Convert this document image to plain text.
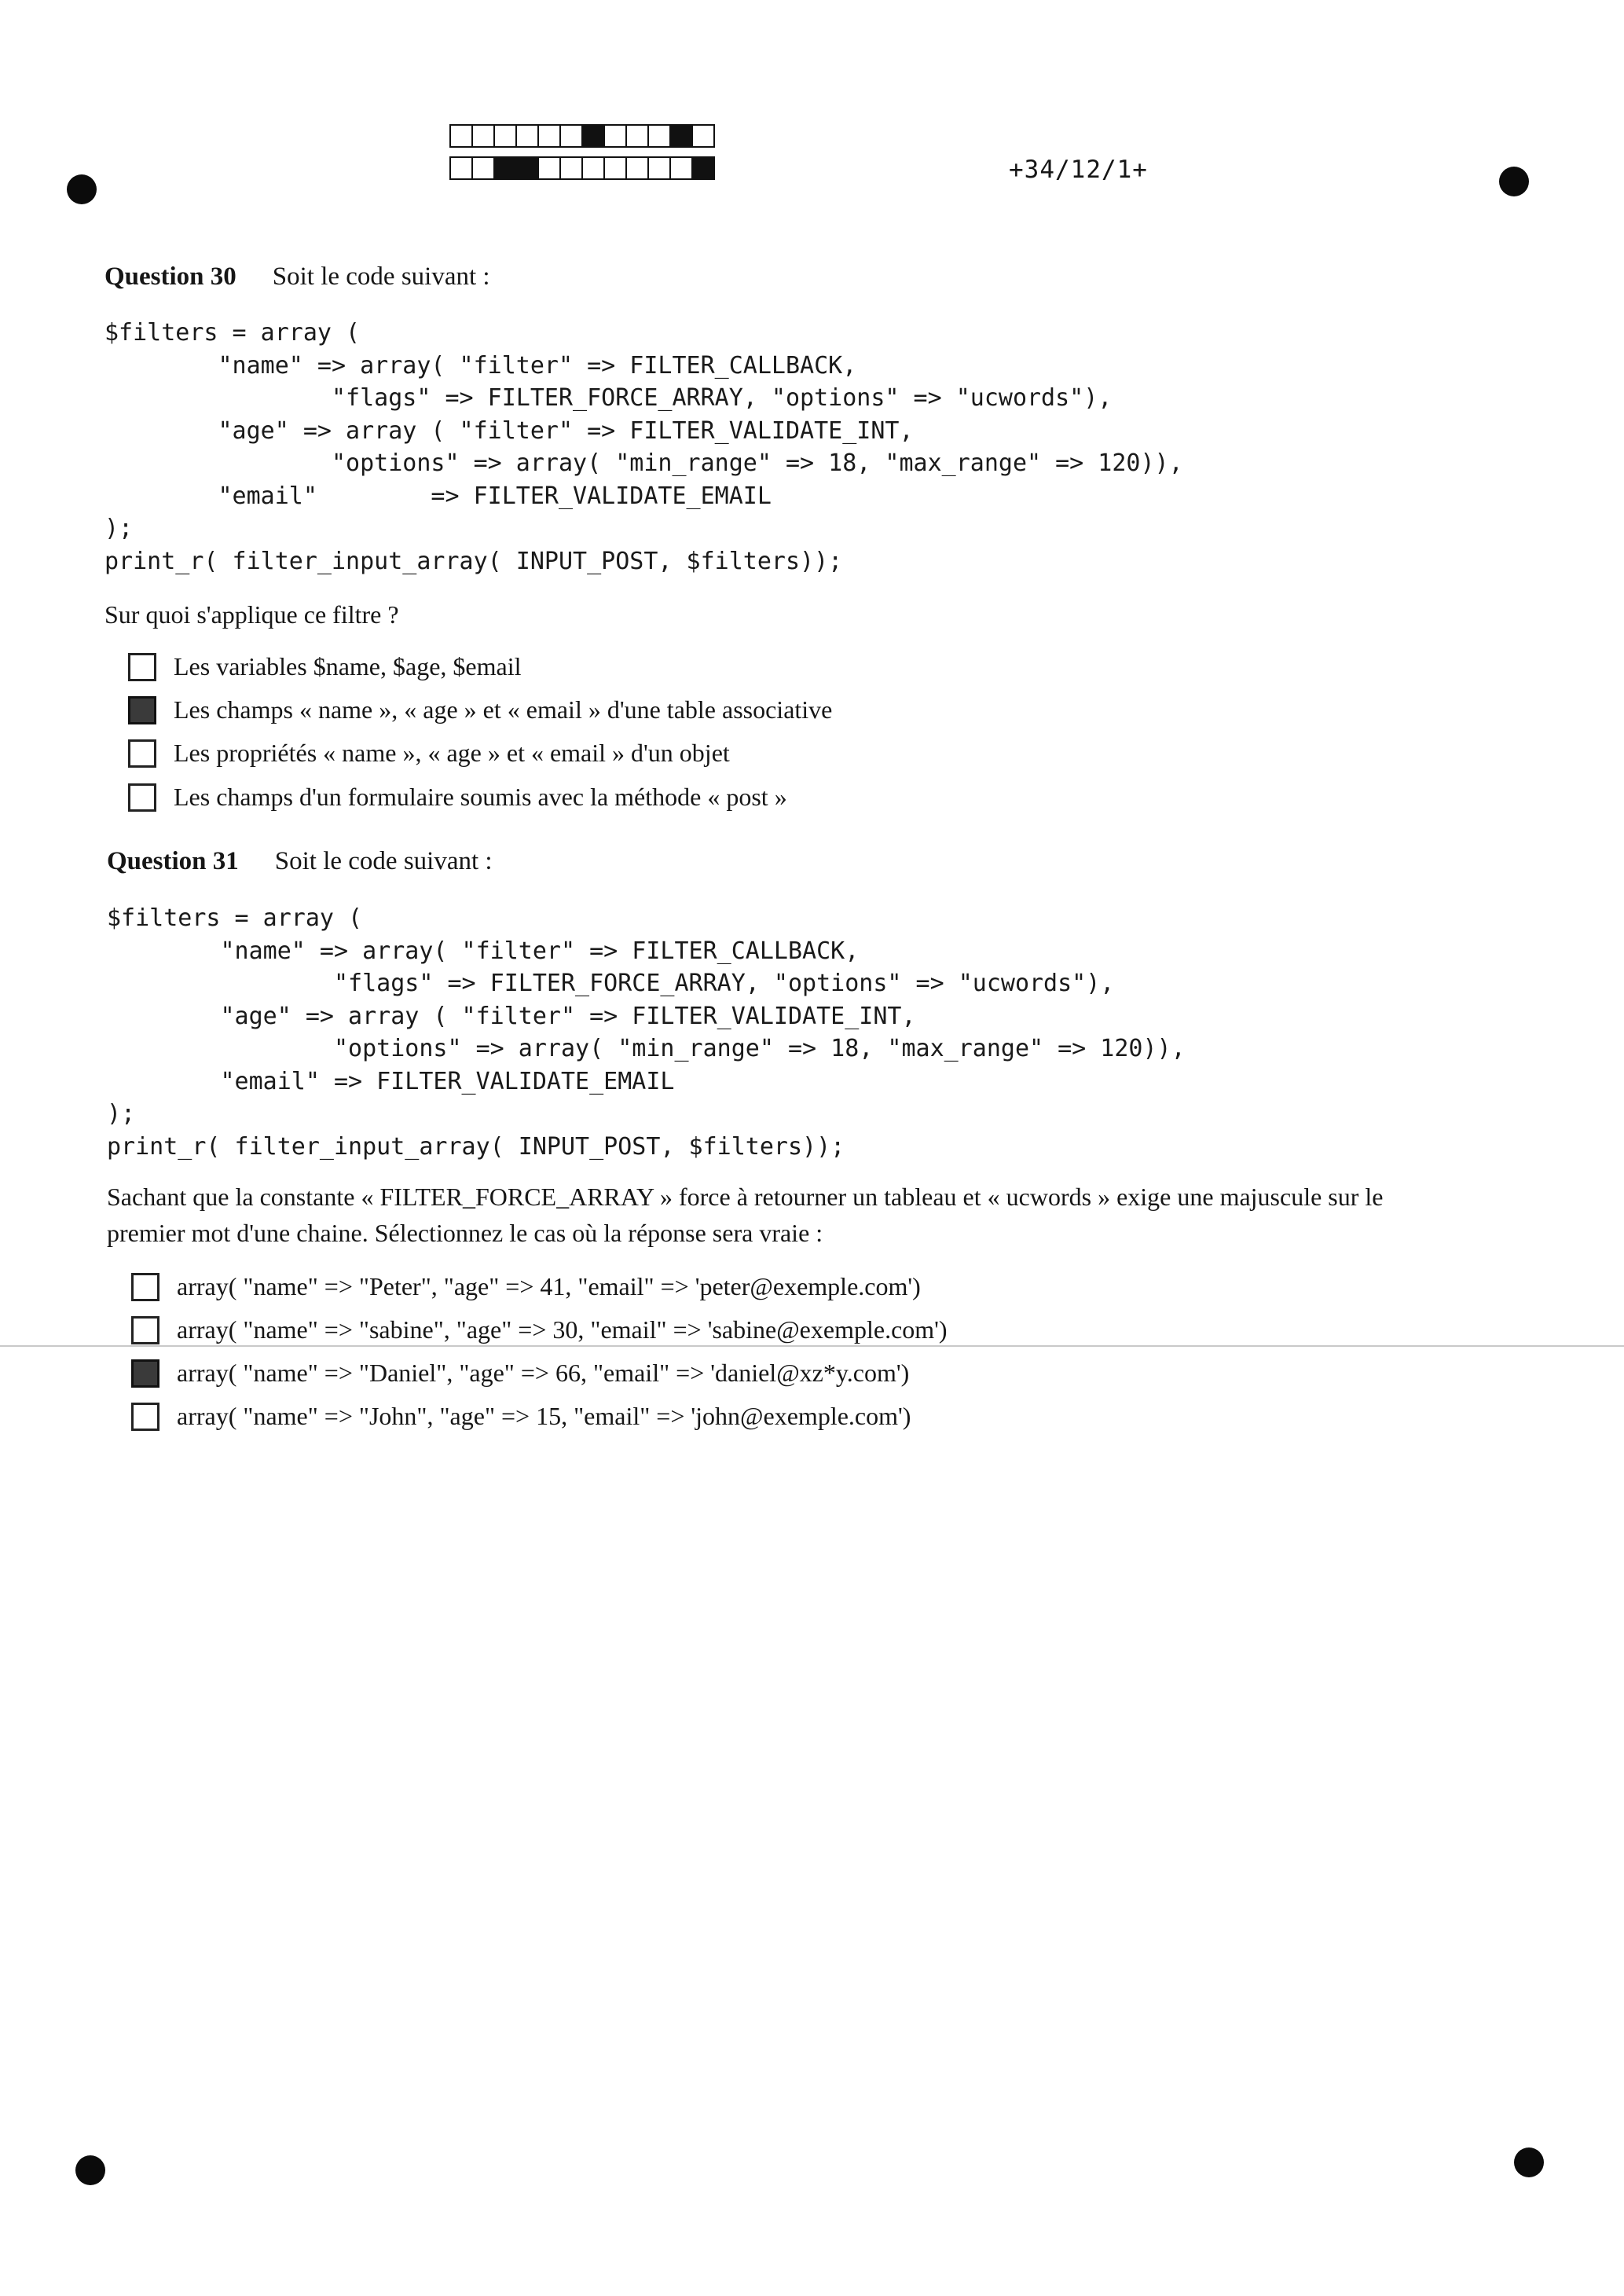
+34/12/1+
Question 30 Soit le code suivant :
$filters = array (
"name" => array( "filter" => FILTER_CALLBACK,
"flags" => FILTER_FORCE_ARRAY, "options" => "ucwords"),
"age" => array ( "filter" => FILTER_VALIDATE_INT,
"options" => array( "min_range" => 18, "max_range" => 120)),
"email"        => FILTER_VALIDATE_EMAIL
);
print_r( filter_input_array( INPUT_POST, $filters));
Sur quoi s'applique ce filtre ?
Les variables $name, $age, $email
Les champs « name », « age » et « email » d'une table associative
Les propriétés « name », « age » et « email » d'un objet
Les champs d'un formulaire soumis avec la méthode « post »
Question 31 Soit le code suivant :
$filters = array (
"name" => array( "filter" => FILTER_CALLBACK,
"flags" => FILTER_FORCE_ARRAY, "options" => "ucwords"),
"age" => array ( "filter" => FILTER_VALIDATE_INT,
"options" => array( "min_range" => 18, "max_range" => 120)),
"email" => FILTER_VALIDATE_EMAIL
);
print_r( filter_input_array( INPUT_POST, $filters));
Sachant que la constante « FILTER_FORCE_ARRAY » force à retourner un tableau et « ucwords » exige une majuscule sur le
premier mot d'une chaine. Sélectionnez le cas où la réponse sera vraie :
array( "name" => "Peter", "age" => 41, "email" => 'peter@exemple.com')
array( "name" => "sabine", "age" => 30, "email" => 'sabine@exemple.com')
array( "name" => "Daniel", "age" => 66, "email" => 'daniel@xz*y.com')
array( "name" => "John", "age" => 15, "email" => 'john@exemple.com')
